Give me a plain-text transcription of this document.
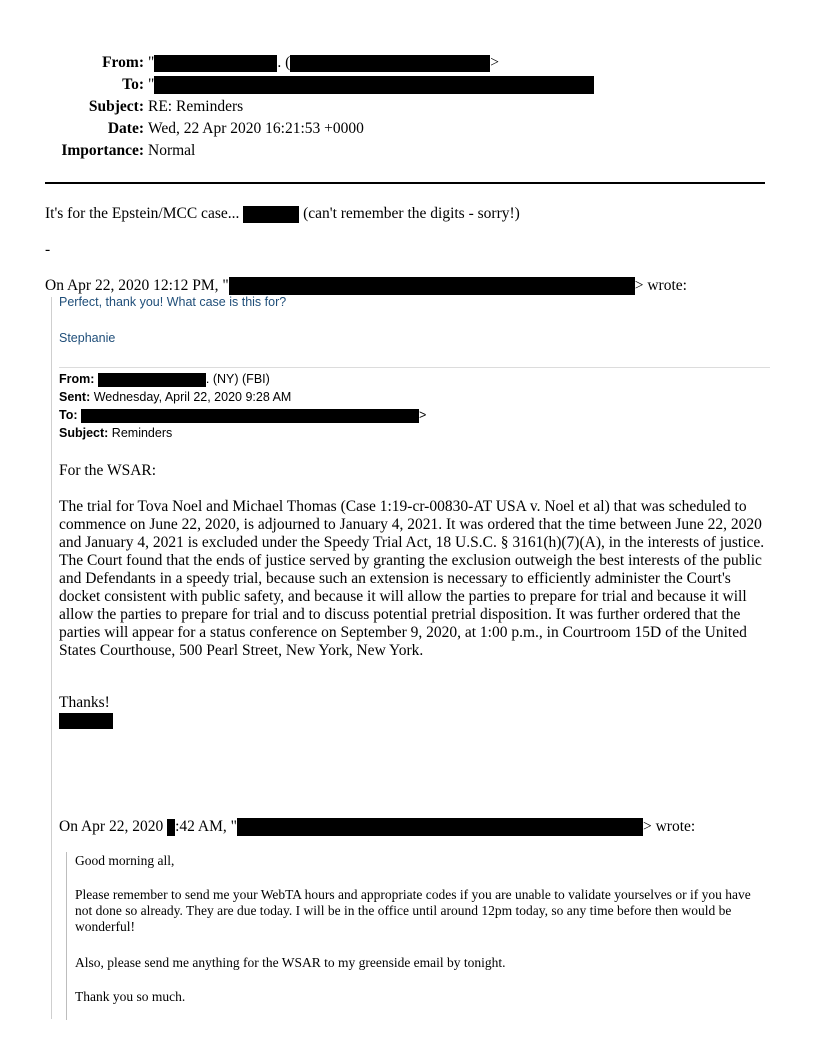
From: "	. (	>
To: "
Subject: RE: Reminders
Date: Wed, 22 Apr 2020 16:21:53 +0000
Importance: Normal
It's for the Epstein/MCC case...	(can't remember the digits - sorry!)
-
On Apr 22, 2020 12:12 PM, "	> wrote:
Perfect, thank you! What case is this for?
Stephanie
From:	. (NY) (FBI)
Sent: Wednesday, April 22, 2020 9:28 AM
To:	>
Subject: Reminders
For the WSAR:
The trial for Tova Noel and Michael Thomas (Case 1:19-cr-00830-AT USA v. Noel et al) that was scheduled to commence on June 22, 2020, is adjourned to January 4, 2021. It was ordered that the time between June 22, 2020 and January 4, 2021 is excluded under the Speedy Trial Act, 18 U.S.C. § 3161(h)(7)(A), in the interests of justice. The Court found that the ends of justice served by granting the exclusion outweigh the best interests of the public and Defendants in a speedy trial, because such an extension is necessary to efficiently administer the Court's docket consistent with public safety, and because it will allow the parties to prepare for trial and because it will allow the parties to prepare for trial and to discuss potential pretrial disposition. It was further ordered that the parties will appear for a status conference on September 9, 2020, at 1:00 p.m., in Courtroom 15D of the United States Courthouse, 500 Pearl Street, New York, New York.
Thanks!
On Apr 22, 2020 :42 AM, "	> wrote:
Good morning all,
Please remember to send me your WebTA hours and appropriate codes if you are unable to validate yourselves or if you have not done so already. They are due today. I will be in the office until around 12pm today, so any time before then would be wonderful!
Also, please send me anything for the WSAR to my greenside email by tonight.
Thank you so much.
